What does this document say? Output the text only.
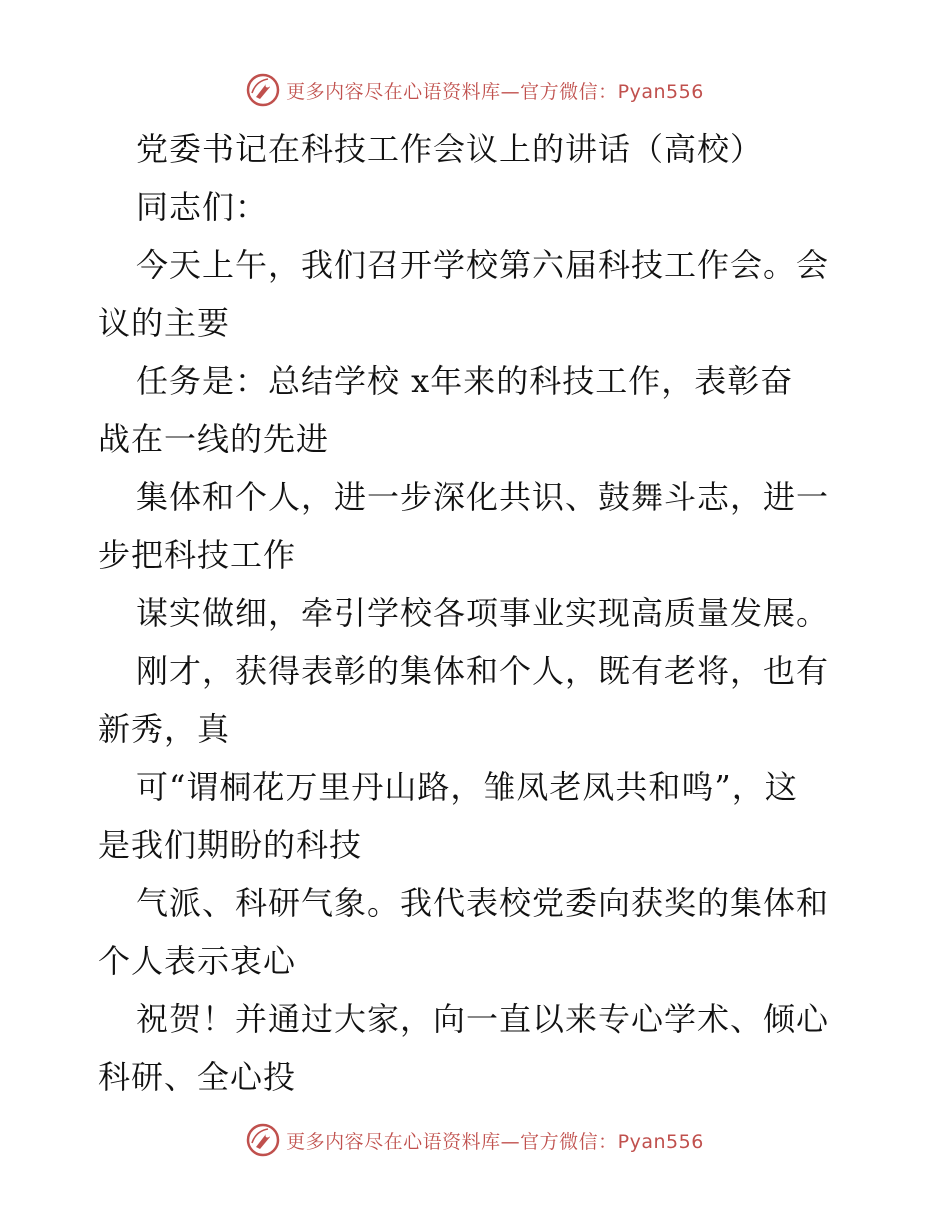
更多内容尽在心语资料库—官方微信：Pyan556
党委书记在科技工作会议上的讲话（高校）
同志们：
今天上午，我们召开学校第六届科技工作会。会
议的主要
任务是：总结学校 x年来的科技工作，表彰奋
战在一线的先进
集体和个人，进一步深化共识、鼓舞斗志，进一
步把科技工作
谋实做细，牵引学校各项事业实现高质量发展。
刚才，获得表彰的集体和个人，既有老将，也有
新秀，真
可“谓桐花万里丹山路，雏凤老凤共和鸣”，这
是我们期盼的科技
气派、科研气象。我代表校党委向获奖的集体和
个人表示衷心
祝贺！并通过大家，向一直以来专心学术、倾心
科研、全心投
更多内容尽在心语资料库—官方微信：Pyan556
